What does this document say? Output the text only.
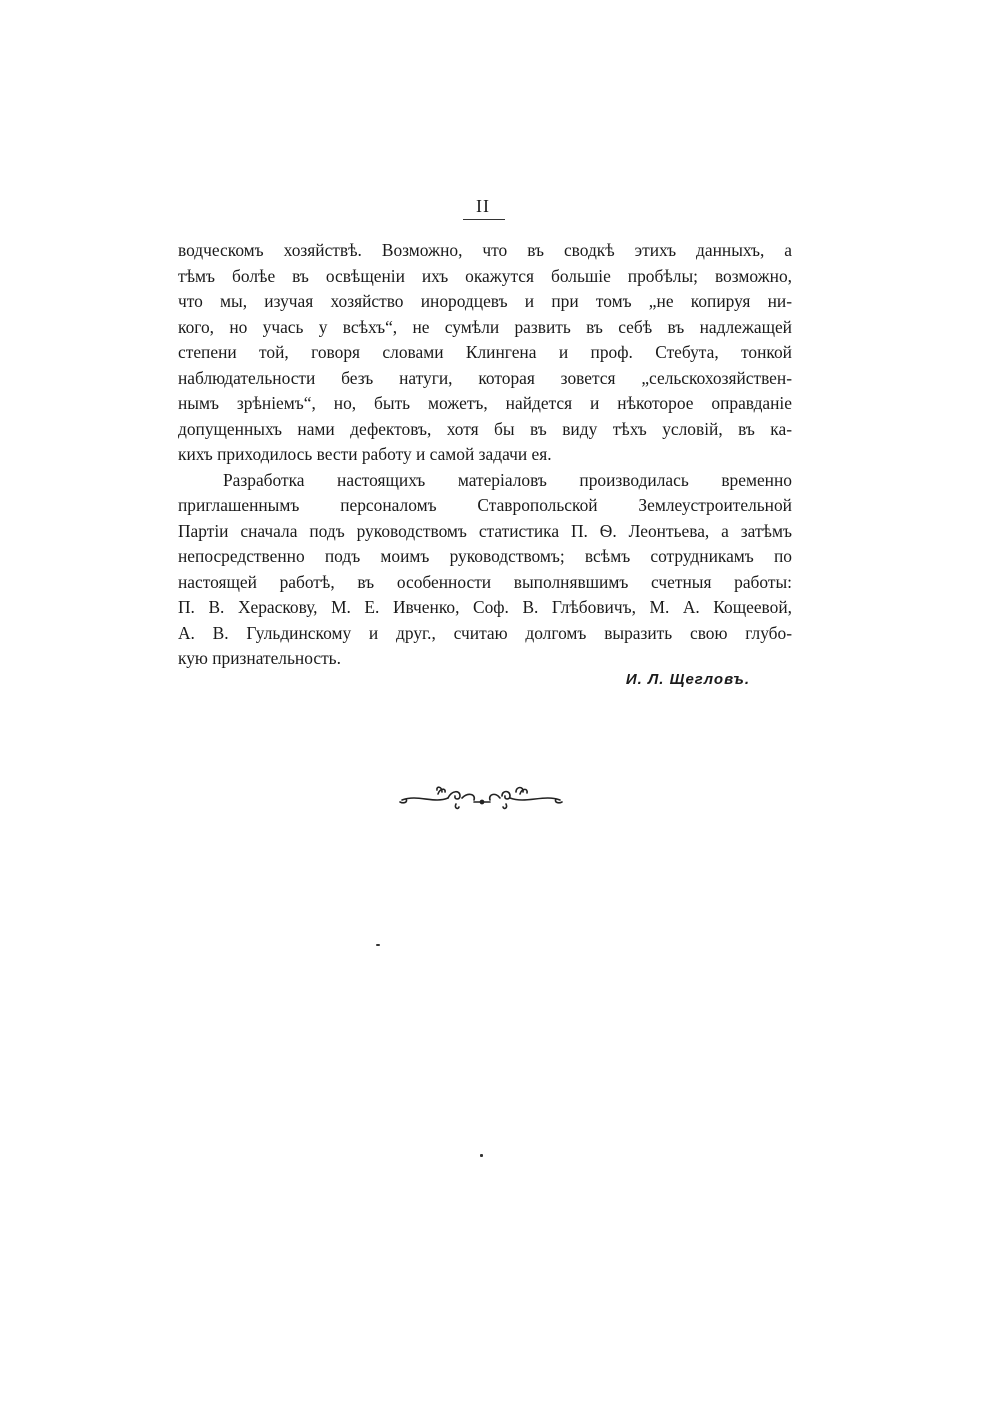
II
водческомъ хозяйствѣ. Возможно, что въ сводкѣ этихъ данныхъ, а
тѣмъ болѣе въ освѣщеніи ихъ окажутся большіе пробѣлы; возможно,
что мы, изучая хозяйство инородцевъ и при томъ „не копируя ни-
кого, но учась у всѣхъ“, не сумѣли развить въ себѣ въ надлежащей
степени той, говоря словами Клингена и проф. Стебута, тонкой
наблюдательности безъ натуги, которая зовется „сельскохозяйствен-
нымъ зрѣніемъ“, но, быть можетъ, найдется и нѣкоторое оправданіе
допущенныхъ нами дефектовъ, хотя бы въ виду тѣхъ условій, въ ка-
кихъ приходилось вести работу и самой задачи ея.
Разработка настоящихъ матеріаловъ производилась временно
приглашеннымъ персоналомъ Ставропольской Землеустроительной
Партіи сначала подъ руководствомъ статистика П. Ѳ. Леонтьева, а затѣмъ
непосредственно подъ моимъ руководствомъ; всѣмъ сотрудникамъ по
настоящей работѣ, въ особенности выполнявшимъ счетныя работы:
П. В. Хераскову, М. Е. Ивченко, Соф. В. Глѣбовичъ, М. А. Кощеевой,
А. В. Гульдинскому и друг., считаю долгомъ выразить свою глубо-
кую признательность.
И. Л. Щегловъ.
